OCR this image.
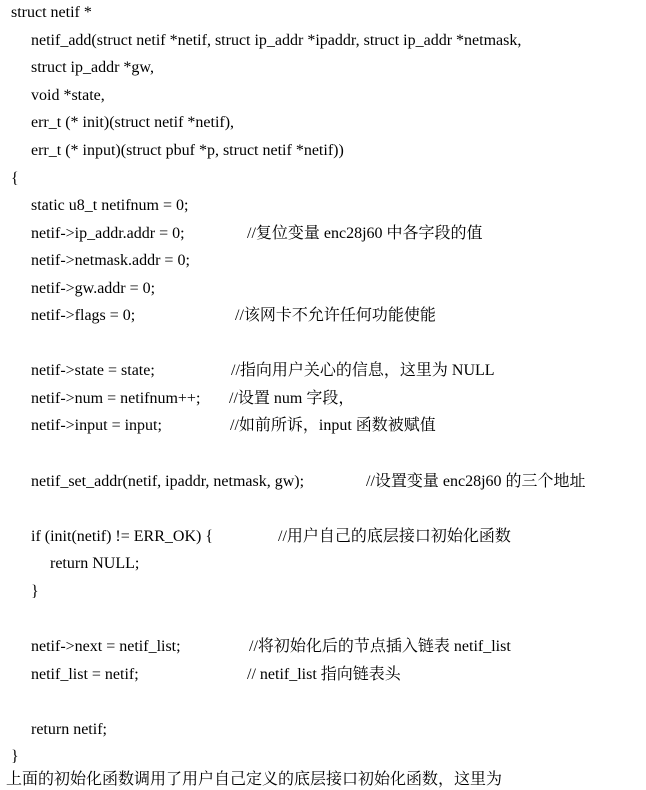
struct netif *
netif_add(struct netif *netif, struct ip_addr *ipaddr, struct ip_addr *netmask,
struct ip_addr *gw,
void *state,
err_t (* init)(struct netif *netif),
err_t (* input)(struct pbuf *p, struct netif *netif))
{
static u8_t netifnum = 0;

netif->ip_addr.addr = 0;

	//复位变量 enc28j60 中各字段的值

netif->netmask.addr = 0;
netif->gw.addr = 0;

netif->flags = 0;

	//该网卡不允许任何功能使能

netif->state = state;

	//指向用户关心的信息，这里为 NULL

netif->num = netifnum++;

//设置 num 字段，

netif->input = input;

	//如前所诉，input 函数被赋值

netif_set_addr(netif, ipaddr, netmask, gw);

	//设置变量 enc28j60 的三个地址

if (init(netif) != ERR_OK) {

	//用户自己的底层接口初始化函数

return NULL;
}

netif->next = netif_list;

	//将初始化后的节点插入链表 netif_list

netif_list = netif;

	// netif_list 指向链表头

return netif;
}
上面的初始化函数调用了用户自己定义的底层接口初始化函数，这里为
